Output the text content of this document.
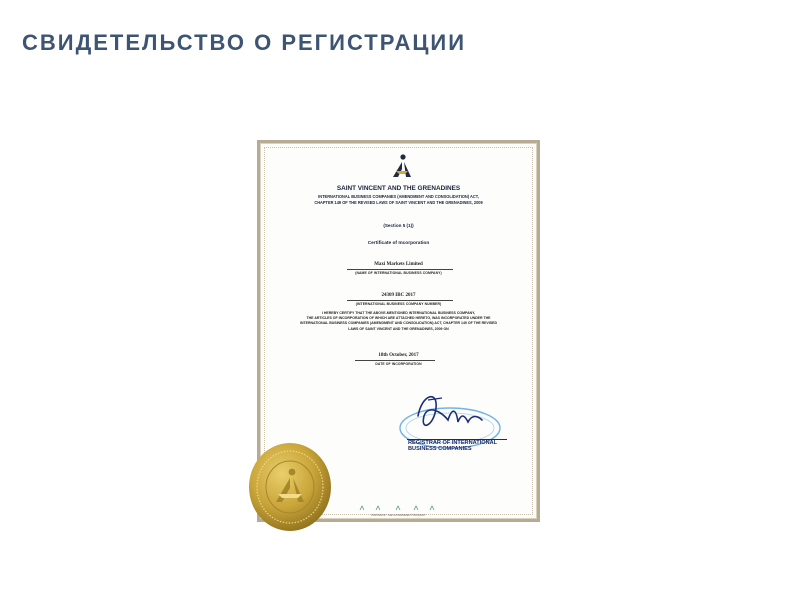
СВИДЕТЕЛЬСТВО О РЕГИСТРАЦИИ
SAINT VINCENT AND THE GRENADINES
INTERNATIONAL BUSINESS COMPANIES (AMENDMENT AND CONSOLIDATION) ACT,
CHAPTER 149 OF THE REVISED LAWS OF SAINT VINCENT AND THE GRENADINES, 2009
(Section 5 (1))
Certificate of Incorporation
Maxi Markets Limited
(NAME OF INTERNATIONAL BUSINESS COMPANY)
24309 IBC 2017
(INTERNATIONAL BUSINESS COMPANY NUMBER)
I HEREBY CERTIFY THAT THE ABOVE-MENTIONED INTERNATIONAL BUSINESS COMPANY,
THE ARTICLES OF INCORPORATION OF WHICH ARE ATTACHED HERETO, WAS INCORPORATED UNDER THE
INTERNATIONAL BUSINESS COMPANIES (AMENDMENT AND CONSOLIDATION) ACT, CHAPTER 149 OF THE REVISED
LAWS OF SAINT VINCENT AND THE GRENADINES, 2009 ON
18th October, 2017
DATE OF INCORPORATION
REGISTRAR OF INTERNATIONAL
BUSINESS COMPANIES
PRINTED BY THE GOVERNMENT PRINTERY
